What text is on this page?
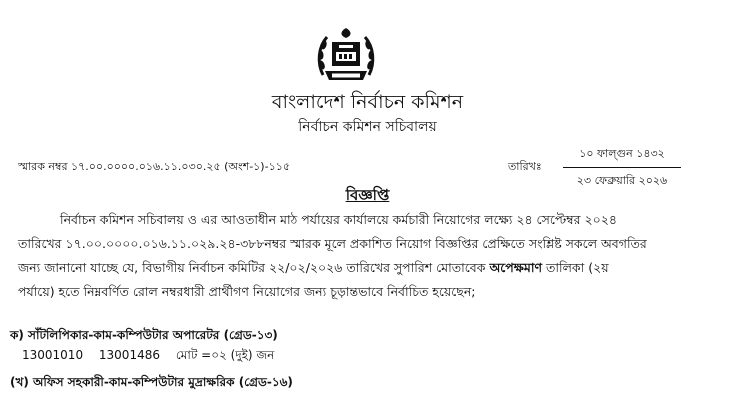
বাংলাদেশ নির্বাচন কমিশন
নির্বাচন কমিশন সচিবালয়
স্মারক নম্বর ১৭.০০.০০০০.০১৬.১১.০৩০.২৫ (অংশ-১)-১১৫	তারিখঃ
১০ ফাল্গুন ১৪৩২
২৩ ফেব্রুয়ারি ২০২৬
বিজ্ঞপ্তি
নির্বাচন কমিশন সচিবালয় ও এর আওতাধীন মাঠ পর্যায়ের কার্যালয়ে কর্মচারী নিয়োগের লক্ষ্যে ২৪ সেপ্টেম্বর ২০২৪
তারিখের ১৭.০০.০০০০.০১৬.১১.০২৯.২৪-৩৮৮নম্বর স্মারক মূলে প্রকাশিত নিয়োগ বিজ্ঞপ্তির প্রেক্ষিতে সংশ্লিষ্ট সকলে অবগতির
জন্য জানানো যাচ্ছে যে, বিভাগীয় নির্বাচন কমিটির ২২/০২/২০২৬ তারিখের সুপারিশ মোতাবেক অপেক্ষমাণ তালিকা (২য়
পর্যায়ে) হতে নিম্নবর্ণিত রোল নম্বরধারী প্রার্থীগণ নিয়োগের জন্য চূড়ান্তভাবে নির্বাচিত হয়েছেন;
ক) সাঁটলিপিকার-কাম-কম্পিউটার অপারেটর (গ্রেড-১৩)
13001010 13001486 মোট =০২ (দুই) জন
(খ) অফিস সহকারী-কাম-কম্পিউটার মুদ্রাক্ষরিক (গ্রেড-১৬)
